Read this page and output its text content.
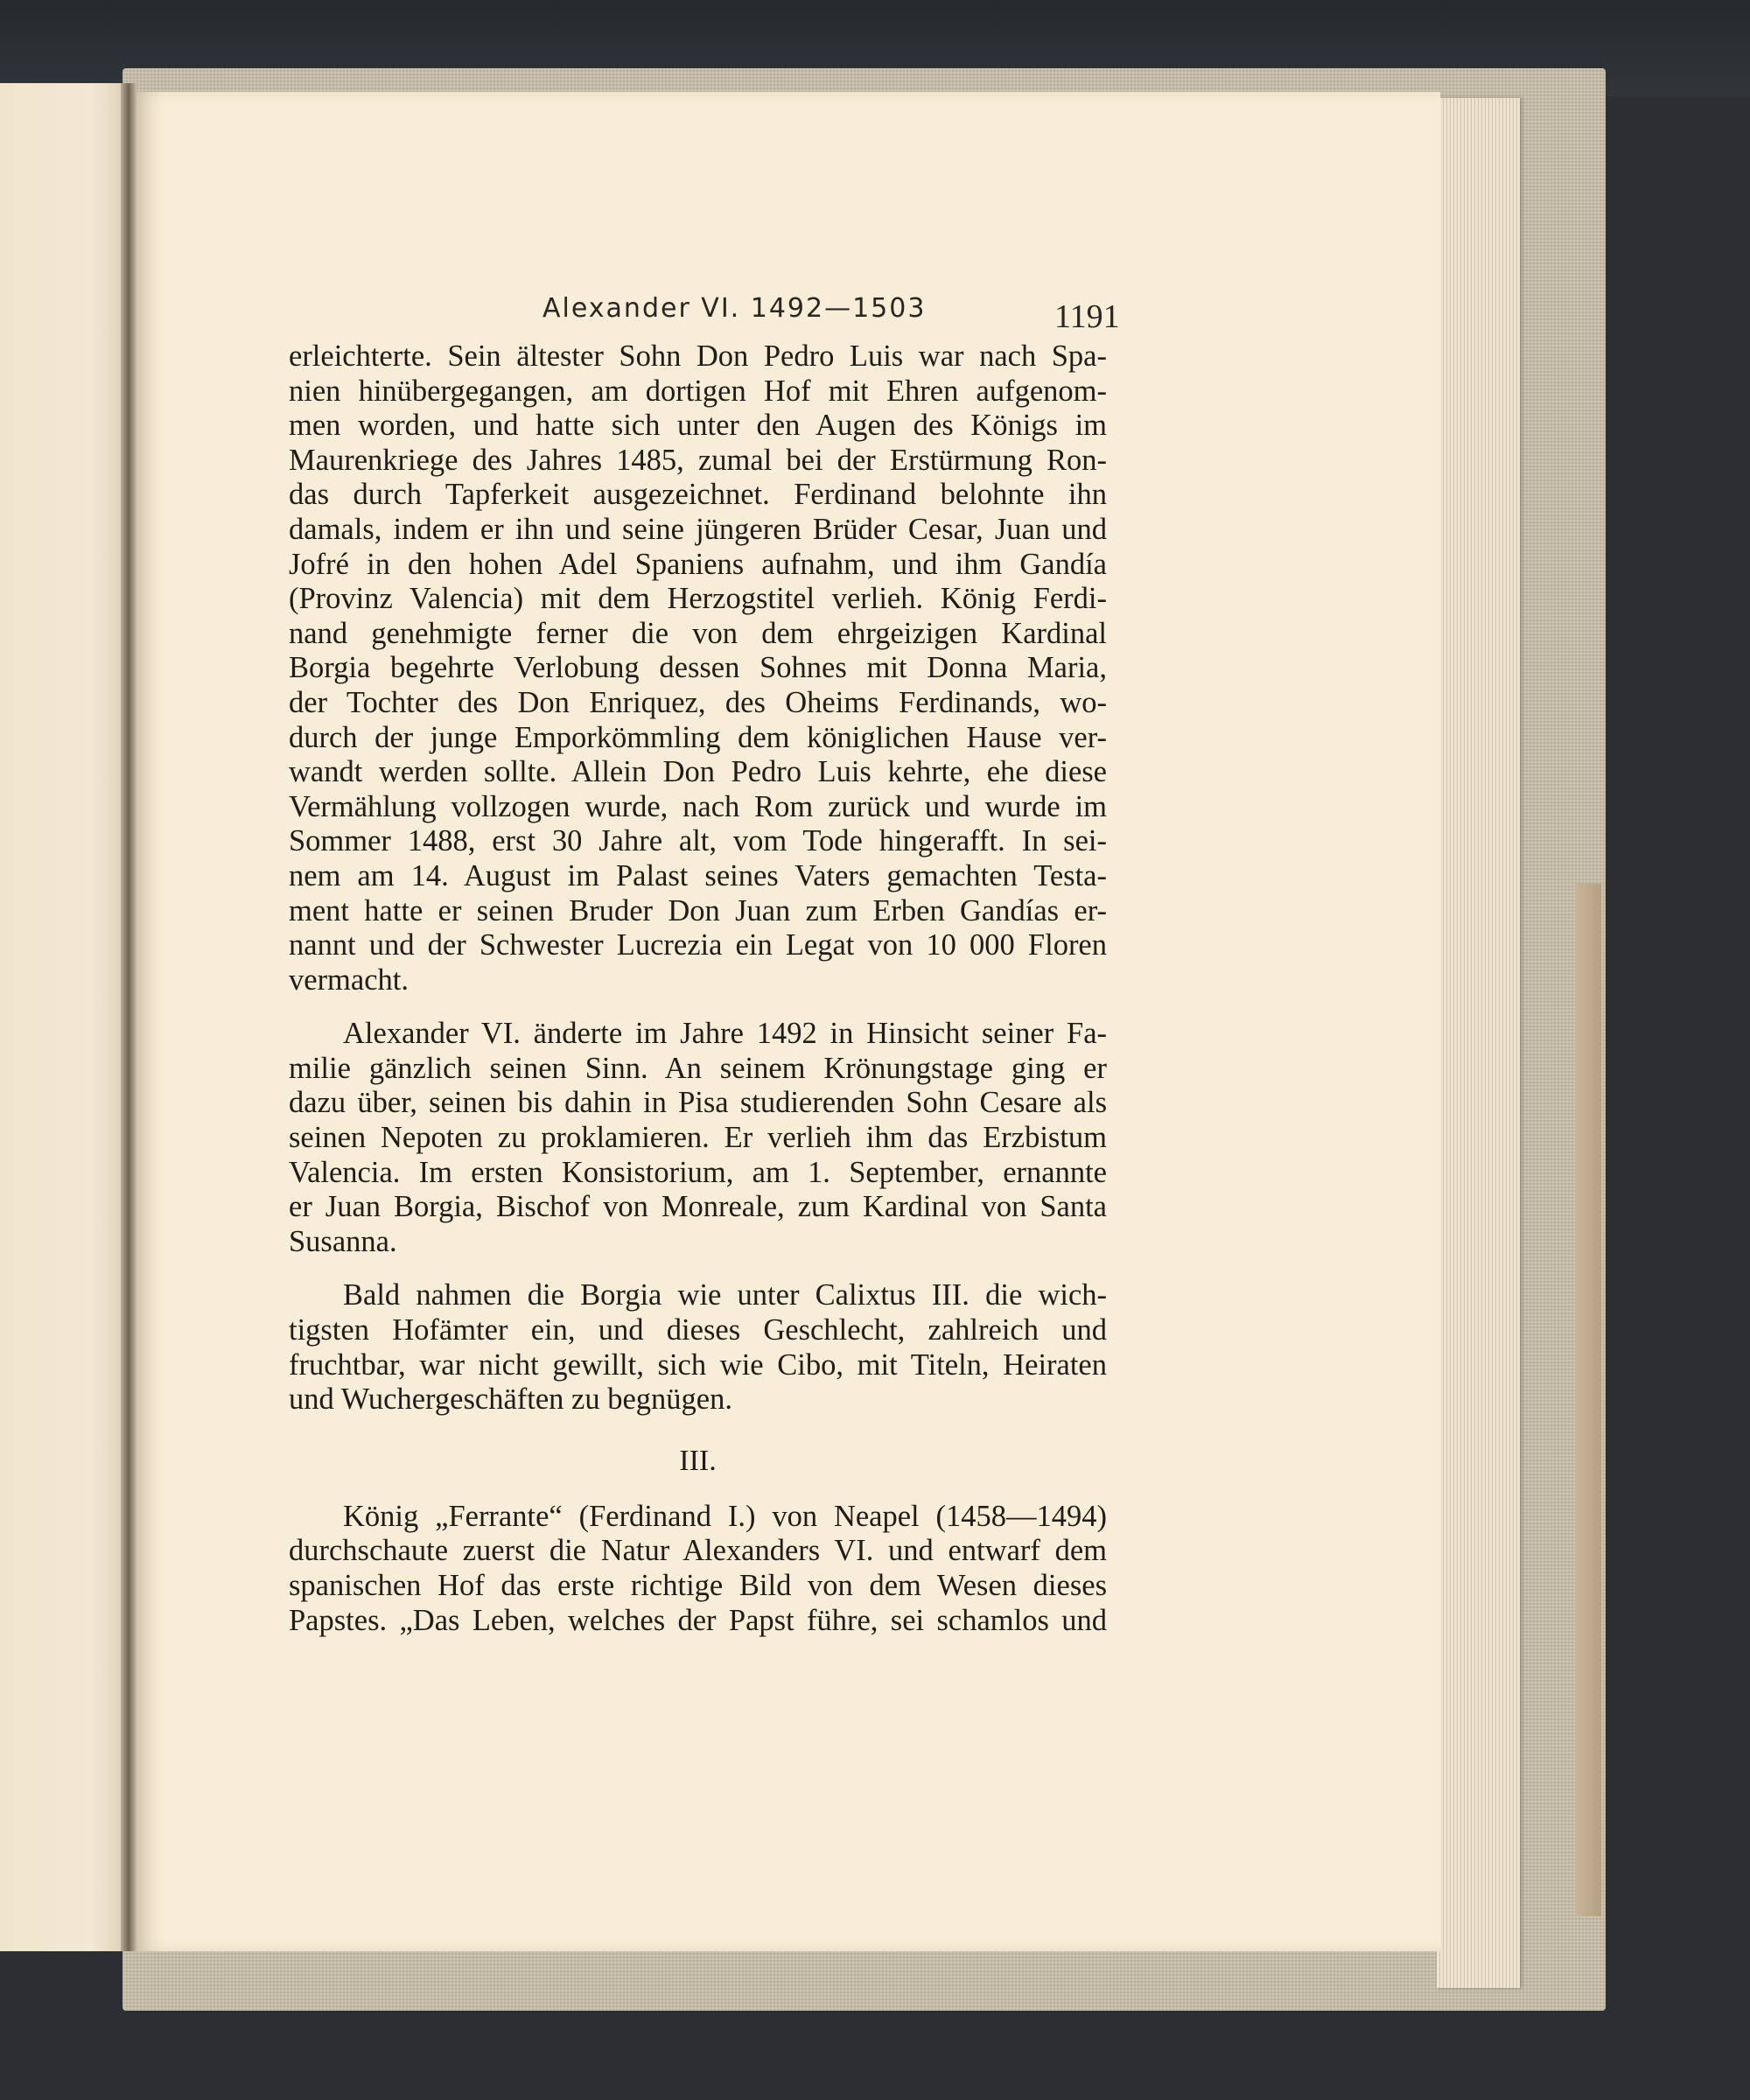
Alexander VI. 1492—1503	1191
erleichterte. Sein ältester Sohn Don Pedro Luis war nach Spa-
nien hinübergegangen, am dortigen Hof mit Ehren aufgenom-
men worden, und hatte sich unter den Augen des Königs im
Maurenkriege des Jahres 1485, zumal bei der Erstürmung Ron-
das durch Tapferkeit ausgezeichnet. Ferdinand belohnte ihn
damals, indem er ihn und seine jüngeren Brüder Cesar, Juan und
Jofré in den hohen Adel Spaniens aufnahm, und ihm Gandía
(Provinz Valencia) mit dem Herzogstitel verlieh. König Ferdi-
nand genehmigte ferner die von dem ehrgeizigen Kardinal
Borgia begehrte Verlobung dessen Sohnes mit Donna Maria,
der Tochter des Don Enriquez, des Oheims Ferdinands, wo-
durch der junge Emporkömmling dem königlichen Hause ver-
wandt werden sollte. Allein Don Pedro Luis kehrte, ehe diese
Vermählung vollzogen wurde, nach Rom zurück und wurde im
Sommer 1488, erst 30 Jahre alt, vom Tode hingerafft. In sei-
nem am 14. August im Palast seines Vaters gemachten Testa-
ment hatte er seinen Bruder Don Juan zum Erben Gandías er-
nannt und der Schwester Lucrezia ein Legat von 10 000 Floren
vermacht.
Alexander VI. änderte im Jahre 1492 in Hinsicht seiner Fa-
milie gänzlich seinen Sinn. An seinem Krönungstage ging er
dazu über, seinen bis dahin in Pisa studierenden Sohn Cesare als
seinen Nepoten zu proklamieren. Er verlieh ihm das Erzbistum
Valencia. Im ersten Konsistorium, am 1. September, ernannte
er Juan Borgia, Bischof von Monreale, zum Kardinal von Santa
Susanna.
Bald nahmen die Borgia wie unter Calixtus III. die wich-
tigsten Hofämter ein, und dieses Geschlecht, zahlreich und
fruchtbar, war nicht gewillt, sich wie Cibo, mit Titeln, Heiraten
und Wuchergeschäften zu begnügen.
III.
König „Ferrante“ (Ferdinand I.) von Neapel (1458—1494)
durchschaute zuerst die Natur Alexanders VI. und entwarf dem
spanischen Hof das erste richtige Bild von dem Wesen dieses
Papstes. „Das Leben, welches der Papst führe, sei schamlos und
